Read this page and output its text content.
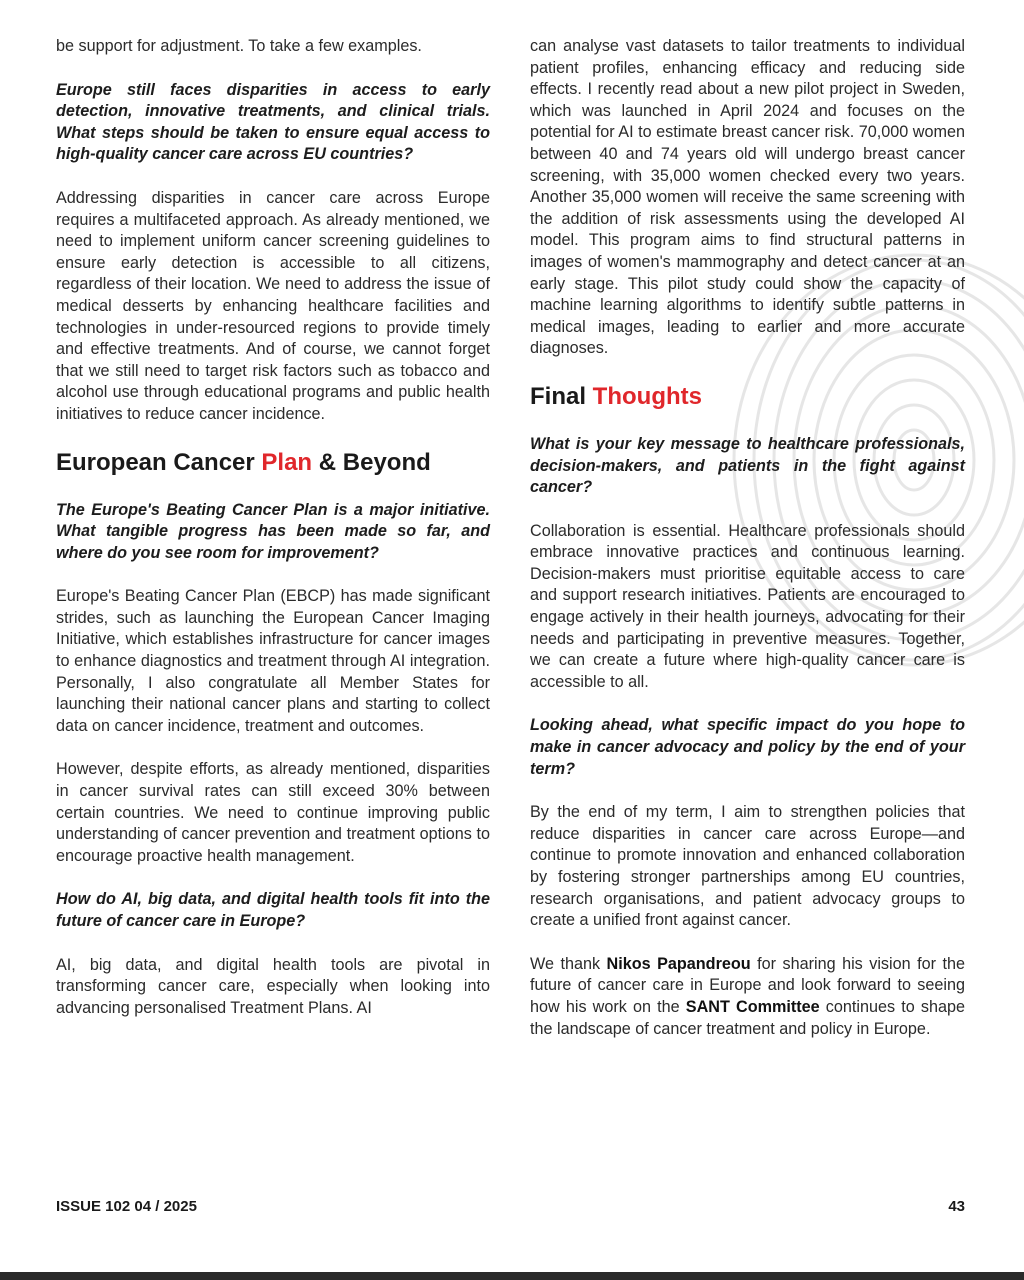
be support for adjustment. To take a few examples.

Europe still faces disparities in access to early detection, innovative treatments, and clinical trials. What steps should be taken to ensure equal access to high-quality cancer care across EU countries?

Addressing disparities in cancer care across Europe requires a multifaceted approach. As already mentioned, we need to implement uniform cancer screening guidelines to ensure early detection is accessible to all citizens, regardless of their location. We need to address the issue of medical desserts by enhancing healthcare facilities and technologies in under-resourced regions to provide timely and effective treatments. And of course, we cannot forget that we still need to target risk factors such as tobacco and alcohol use through educational programs and public health initiatives to reduce cancer incidence.

European Cancer Plan & Beyond

The Europe's Beating Cancer Plan is a major initiative. What tangible progress has been made so far, and where do you see room for improvement?

Europe's Beating Cancer Plan (EBCP) has made significant strides, such as launching the European Cancer Imaging Initiative, which establishes infrastructure for cancer images to enhance diagnostics and treatment through AI integration. Personally, I also congratulate all Member States for launching their national cancer plans and starting to collect data on cancer incidence, treatment and outcomes.

However, despite efforts, as already mentioned, disparities in cancer survival rates can still exceed 30% between certain countries. We need to continue improving public understanding of cancer prevention and treatment options to encourage proactive health management.

How do AI, big data, and digital health tools fit into the future of cancer care in Europe?

AI, big data, and digital health tools are pivotal in transforming cancer care, especially when looking into advancing personalised Treatment Plans. AI

can analyse vast datasets to tailor treatments to individual patient profiles, enhancing efficacy and reducing side effects. I recently read about a new pilot project in Sweden, which was launched in April 2024 and focuses on the potential for AI to estimate breast cancer risk. 70,000 women between 40 and 74 years old will undergo breast cancer screening, with 35,000 women checked every two years. Another 35,000 women will receive the same screening with the addition of risk assessments using the developed AI model. This program aims to find structural patterns in images of women's mammography and detect cancer at an early stage. This pilot study could show the capacity of machine learning algorithms to identify subtle patterns in medical images, leading to earlier and more accurate diagnoses.

Final Thoughts

What is your key message to healthcare professionals, decision-makers, and patients in the fight against cancer?

Collaboration is essential. Healthcare professionals should embrace innovative practices and continuous learning. Decision-makers must prioritise equitable access to care and support research initiatives. Patients are encouraged to engage actively in their health journeys, advocating for their needs and participating in preventive measures. Together, we can create a future where high-quality cancer care is accessible to all.

Looking ahead, what specific impact do you hope to make in cancer advocacy and policy by the end of your term?

By the end of my term, I aim to strengthen policies that reduce disparities in cancer care across Europe—and continue to promote innovation and enhanced collaboration by fostering stronger partnerships among EU countries, research organisations, and patient advocacy groups to create a unified front against cancer.

We thank Nikos Papandreou for sharing his vision for the future of cancer care in Europe and look forward to seeing how his work on the SANT Committee continues to shape the landscape of cancer treatment and policy in Europe.

ISSUE 102 04 / 2025	43
